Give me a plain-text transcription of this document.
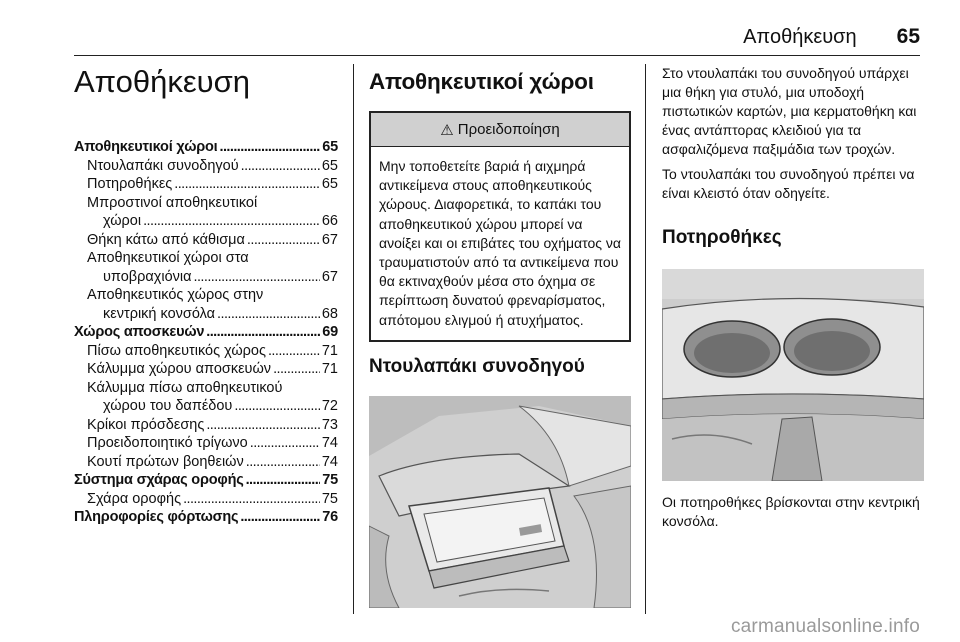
Αποθήκευση 65
Αποθήκευση
Αποθηκευτικοί χώροι . . .	65
Ντουλαπάκι συνοδηγού . . .	65
Ποτηροθήκες . . .	65
Μπροστινοί αποθηκευτικοί
χώροι . . .	66
Θήκη κάτω από κάθισμα . . .	67
Αποθηκευτικοί χώροι στα
υποβραχιόνια . . .	67
Αποθηκευτικός χώρος στην
κεντρική κονσόλα . . .	68
Χώρος αποσκευών . . .	69
Πίσω αποθηκευτικός χώρος . . .	71
Κάλυμμα χώρου αποσκευών . . .	71
Κάλυμμα πίσω αποθηκευτικού
χώρου του δαπέδου . . .	72
Κρίκοι πρόσδεσης . . .	73
Προειδοποιητικό τρίγωνο . . .	74
Κουτί πρώτων βοηθειών . . .	74
Σύστημα σχάρας οροφής . . .	75
Σχάρα οροφής . . .	75
Πληροφορίες φόρτωσης . . .	76
Αποθηκευτικοί χώροι
⚠ Προειδοποίηση
Μην τοποθετείτε βαριά ή αιχμηρά αντικείμενα στους αποθηκευτικούς χώρους. Διαφορετικά, το καπάκι του αποθηκευτικού χώρου μπορεί να ανοίξει και οι επιβάτες του οχήματος να τραυματιστούν από τα αντικείμενα που θα εκτιναχθούν μέσα στο όχημα σε περίπτωση δυνατού φρεναρίσματος, απότομου ελιγμού ή ατυχήματος.
Ντουλαπάκι συνοδηγού

Στο ντουλαπάκι του συνοδηγού υπάρχει μια θήκη για στυλό, μια υποδοχή πιστωτικών καρτών, μια κερματοθήκη και ένας αντάπτορας κλειδιού για τα ασφαλιζόμενα παξιμάδια των τροχών.

Το ντουλαπάκι του συνοδηγού πρέπει να είναι κλειστό όταν οδηγείτε.

Ποτηροθήκες

Οι ποτηροθήκες βρίσκονται στην κεντρική κονσόλα.

carmanualsonline.info
